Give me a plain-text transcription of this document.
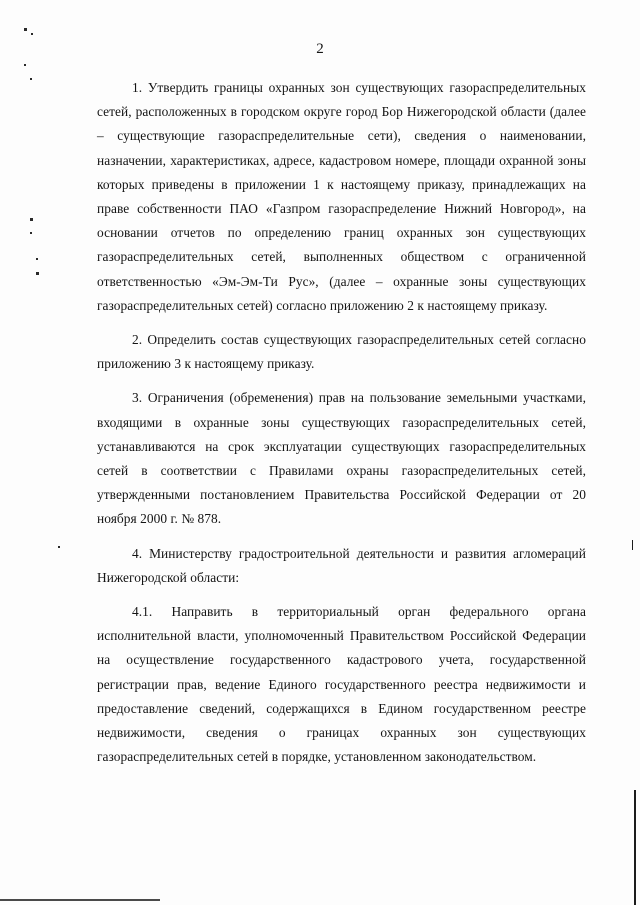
2

1. Утвердить границы охранных зон существующих газораспределительных сетей, расположенных в городском округе город Бор Нижегородской области (далее – существующие газораспределительные сети), сведения о наименовании, назначении, характеристиках, адресе, кадастровом номере, площади охранной зоны которых приведены в приложении 1 к настоящему приказу, принадлежащих на праве собственности ПАО «Газпром газораспределение Нижний Новгород», на основании отчетов по определению границ охранных зон существующих газораспределительных сетей, выполненных обществом с ограниченной ответственностью «Эм-Эм-Ти Рус», (далее – охранные зоны существующих газораспределительных сетей) согласно приложению 2 к настоящему приказу.

2. Определить состав существующих газораспределительных сетей согласно приложению 3 к настоящему приказу.

3. Ограничения (обременения) прав на пользование земельными участками, входящими в охранные зоны существующих газораспределительных сетей, устанавливаются на срок эксплуатации существующих газораспределительных сетей в соответствии с Правилами охраны газораспределительных сетей, утвержденными постановлением Правительства Российской Федерации от 20 ноября 2000 г. № 878.

4. Министерству градостроительной деятельности и развития агломераций Нижегородской области:

4.1. Направить в территориальный орган федерального органа исполнительной власти, уполномоченный Правительством Российской Федерации на осуществление государственного кадастрового учета, государственной регистрации прав, ведение Единого государственного реестра недвижимости и предоставление сведений, содержащихся в Едином государственном реестре недвижимости, сведения о границах охранных зон существующих газораспределительных сетей в порядке, установленном законодательством.
